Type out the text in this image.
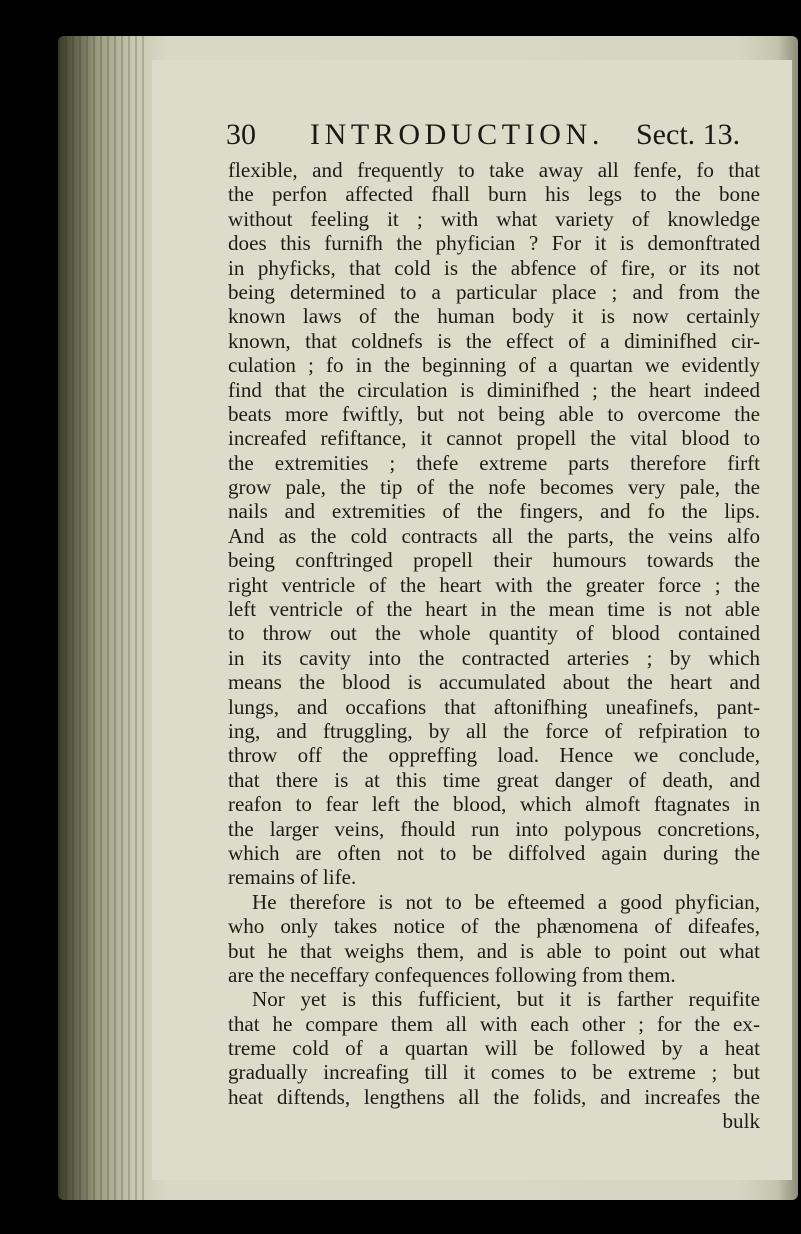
30 INTRODUCTION. Sect. 13.
flexible, and frequently to take away all fenfe, fo that
the perfon affected fhall burn his legs to the bone
without feeling it ; with what variety of knowledge
does this furnifh the phyfician ? For it is demonftrated
in phyficks, that cold is the abfence of fire, or its not
being determined to a particular place ; and from the
known laws of the human body it is now certainly
known, that coldnefs is the effect of a diminifhed cir-
culation ; fo in the beginning of a quartan we evidently
find that the circulation is diminifhed ; the heart indeed
beats more fwiftly, but not being able to overcome the
increafed refiftance, it cannot propell the vital blood to
the extremities ; thefe extreme parts therefore firft
grow pale, the tip of the nofe becomes very pale, the
nails and extremities of the fingers, and fo the lips.
And as the cold contracts all the parts, the veins alfo
being conftringed propell their humours towards the
right ventricle of the heart with the greater force ; the
left ventricle of the heart in the mean time is not able
to throw out the whole quantity of blood contained
in its cavity into the contracted arteries ; by which
means the blood is accumulated about the heart and
lungs, and occafions that aftonifhing uneafinefs, pant-
ing, and ftruggling, by all the force of refpiration to
throw off the oppreffing load. Hence we conclude,
that there is at this time great danger of death, and
reafon to fear left the blood, which almoft ftagnates in
the larger veins, fhould run into polypous concretions,
which are often not to be diffolved again during the
remains of life.
He therefore is not to be efteemed a good phyfician,
who only takes notice of the phænomena of difeafes,
but he that weighs them, and is able to point out what
are the neceffary confequences following from them.
Nor yet is this fufficient, but it is farther requifite
that he compare them all with each other ; for the ex-
treme cold of a quartan will be followed by a heat
gradually increafing till it comes to be extreme ; but
heat diftends, lengthens all the folids, and increafes the
bulk
